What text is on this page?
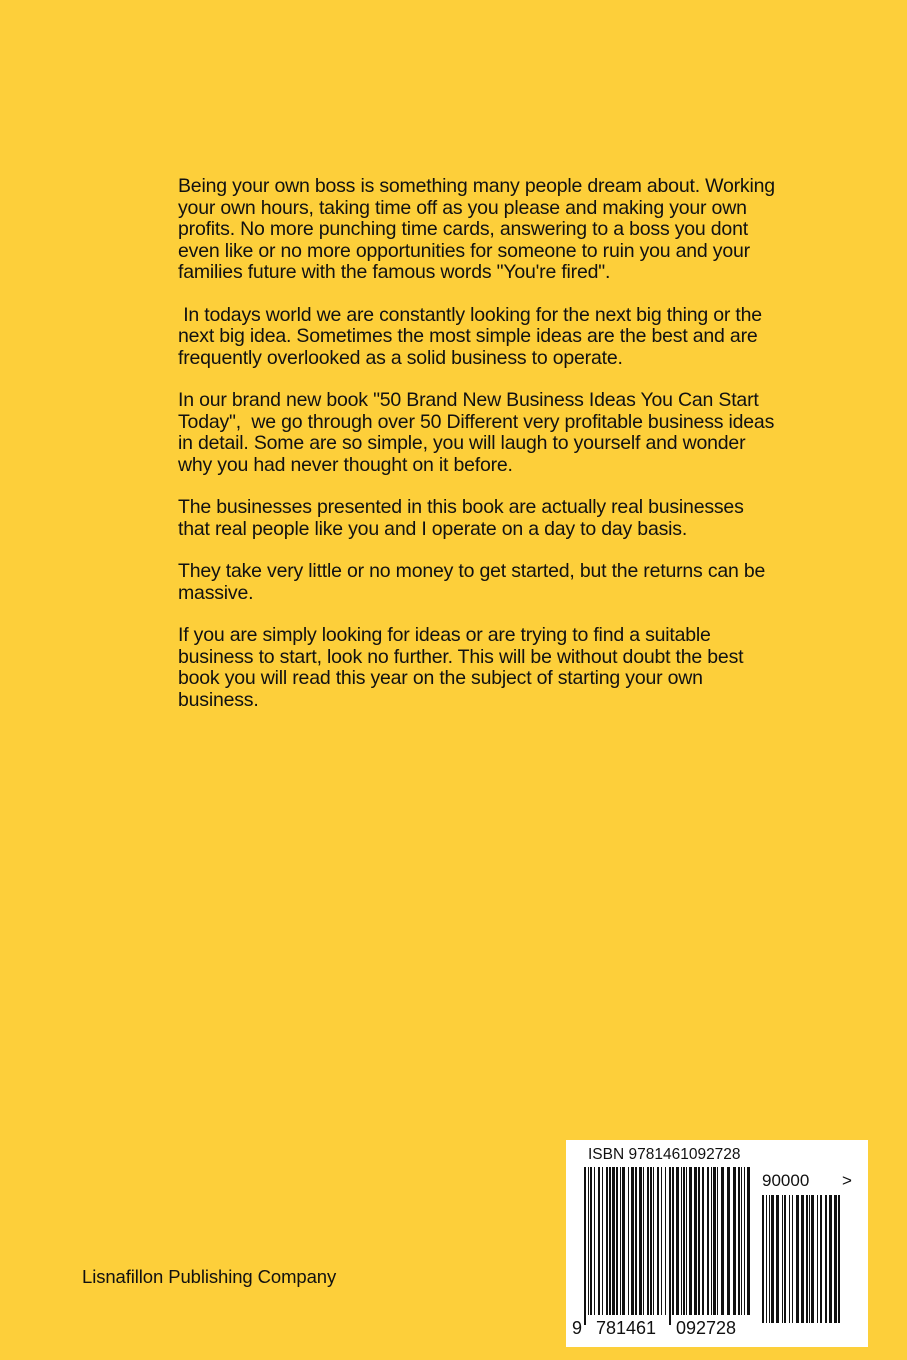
Being your own boss is something many people dream about. Working your own hours, taking time off as you please and making your own profits. No more punching time cards, answering to a boss you dont even like or no more opportunities for someone to ruin you and your families future with the famous words "You're fired".

In todays world we are constantly looking for the next big thing or the next big idea. Sometimes the most simple ideas are the best and are frequently overlooked as a solid business to operate.

In our brand new book "50 Brand New Business Ideas You Can Start Today",  we go through over 50 Different very profitable business ideas in detail. Some are so simple, you will laugh to yourself and wonder why you had never thought on it before.

The businesses presented in this book are actually real businesses that real people like you and I operate on a day to day basis.

They take very little or no money to get started, but the returns can be massive.

If you are simply looking for ideas or are trying to find a suitable business to start, look no further. This will be without doubt the best book you will read this year on the subject of starting your own business.

Lisnafillon Publishing Company
ISBN 9781461092728
90000 >
9 781461 092728
